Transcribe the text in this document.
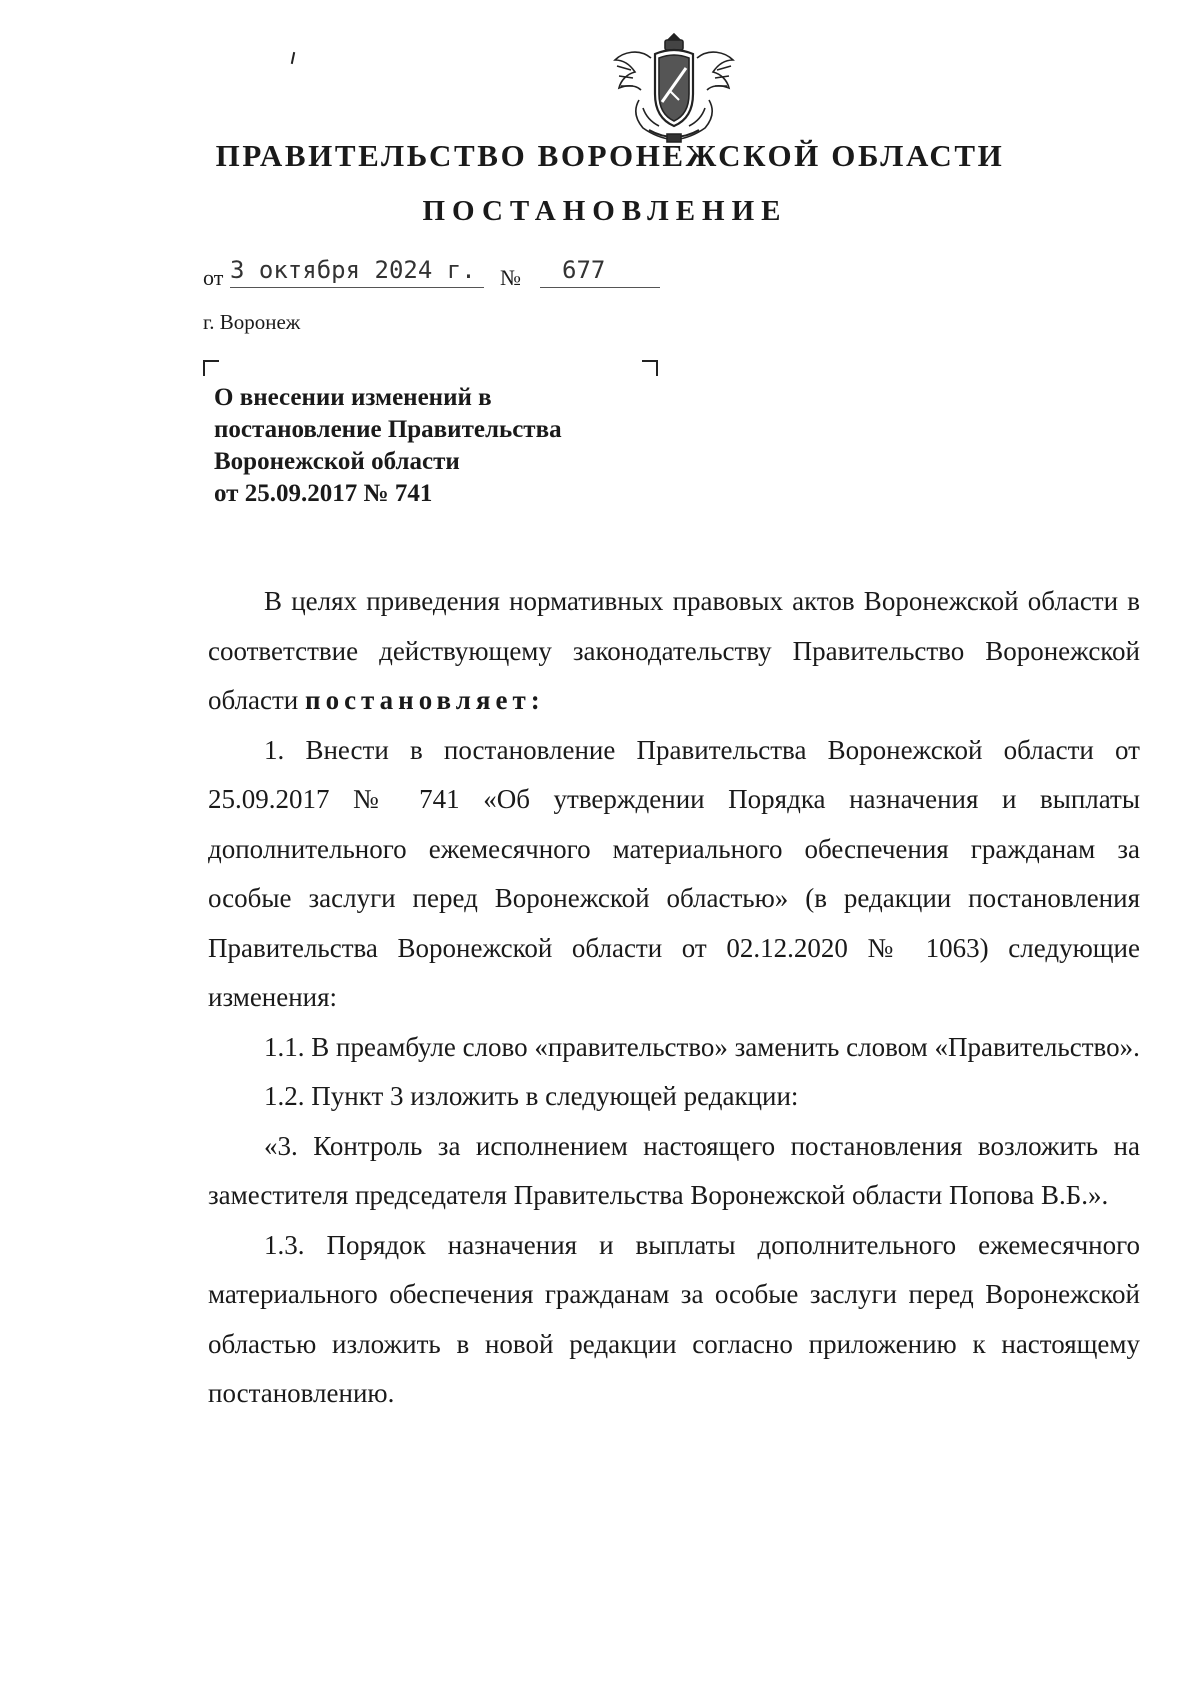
ПРАВИТЕЛЬСТВО ВОРОНЕЖСКОЙ ОБЛАСТИ
ПОСТАНОВЛЕНИЕ
от 3 октября 2024 г.	№	677
г. Воронеж
О внесении изменений в
постановление Правительства
Воронежской области
от 25.09.2017 № 741

В целях приведения нормативных правовых актов Воронежской области в соответствие действующему законодательству Правительство Воронежской области постановляет:

1. Внести в постановление Правительства Воронежской области от 25.09.2017 № 741 «Об утверждении Порядка назначения и выплаты дополнительного ежемесячного материального обеспечения гражданам за особые заслуги перед Воронежской областью» (в редакции постановления Правительства Воронежской области от 02.12.2020 № 1063) следующие изменения:

1.1. В преамбуле слово «правительство» заменить словом «Правительство».

1.2. Пункт 3 изложить в следующей редакции:

«3. Контроль за исполнением настоящего постановления возложить на заместителя председателя Правительства Воронежской области Попова В.Б.».

1.3. Порядок назначения и выплаты дополнительного ежемесячного материального обеспечения гражданам за особые заслуги перед Воронежской областью изложить в новой редакции согласно приложению к настоящему постановлению.
